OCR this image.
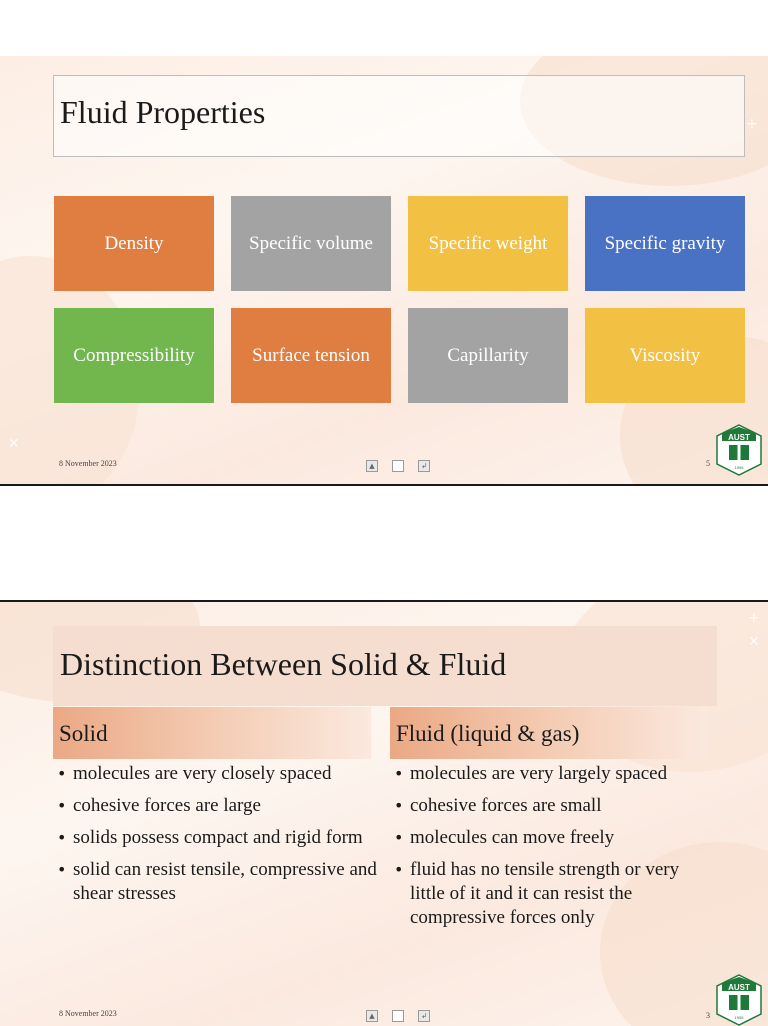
✕
+
Fluid Properties
Density	Specific volume	Specific weight	Specific gravity
Compressibility	Surface tension	Capillarity	Viscosity
8 November 2023	▲	↲	5
AUST
1995
+
✕
Distinction Between Solid & Fluid
Solid	Fluid (liquid & gas)
• molecules are very closely spaced
• cohesive forces are large
• solids possess compact and rigid form
• solid can resist tensile, compressive and shear stresses
• molecules are very largely spaced
• cohesive forces are small
• molecules can move freely
• fluid has no tensile strength or very little of it and it can resist the compressive forces only
8 November 2023	▲	↲	3
AUST
1995
